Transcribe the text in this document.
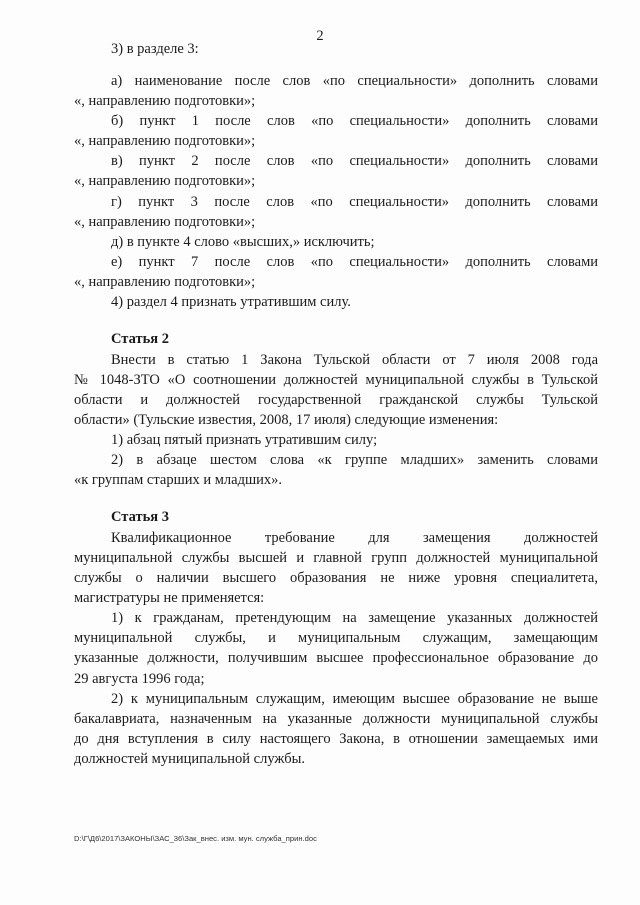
2
3) в разделе 3:
а) наименование после слов «по специальности» дополнить словами
«, направлению подготовки»;
б) пункт 1 после слов «по специальности» дополнить словами
«, направлению подготовки»;
в) пункт 2 после слов «по специальности» дополнить словами
«, направлению подготовки»;
г) пункт 3 после слов «по специальности» дополнить словами
«, направлению подготовки»;
д) в пункте 4 слово «высших,» исключить;
е) пункт 7 после слов «по специальности» дополнить словами
«, направлению подготовки»;
4) раздел 4 признать утратившим силу.
Статья 2
Внести в статью 1 Закона Тульской области от 7 июля 2008 года
№ 1048-ЗТО «О соотношении должностей муниципальной службы в Тульской
области и должностей государственной гражданской службы Тульской
области» (Тульские известия, 2008, 17 июля) следующие изменения:
1) абзац пятый признать утратившим силу;
2) в абзаце шестом слова «к группе младших» заменить словами
«к группам старших и младших».
Статья 3
Квалификационное требование для замещения должностей
муниципальной службы высшей и главной групп должностей муниципальной
службы о наличии высшего образования не ниже уровня специалитета,
магистратуры не применяется:
1) к гражданам, претендующим на замещение указанных должностей
муниципальной службы, и муниципальным служащим, замещающим
указанные должности, получившим высшее профессиональное образование до
29 августа 1996 года;
2) к муниципальным служащим, имеющим высшее образование не выше
бакалавриата, назначенным на указанные должности муниципальной службы
до дня вступления в силу настоящего Закона, в отношении замещаемых ими
должностей муниципальной службы.
D:\Г\Д6\2017\ЗАКОНЫ\ЗАС_36\Зак_внес. изм. мун. служба_прин.doc
